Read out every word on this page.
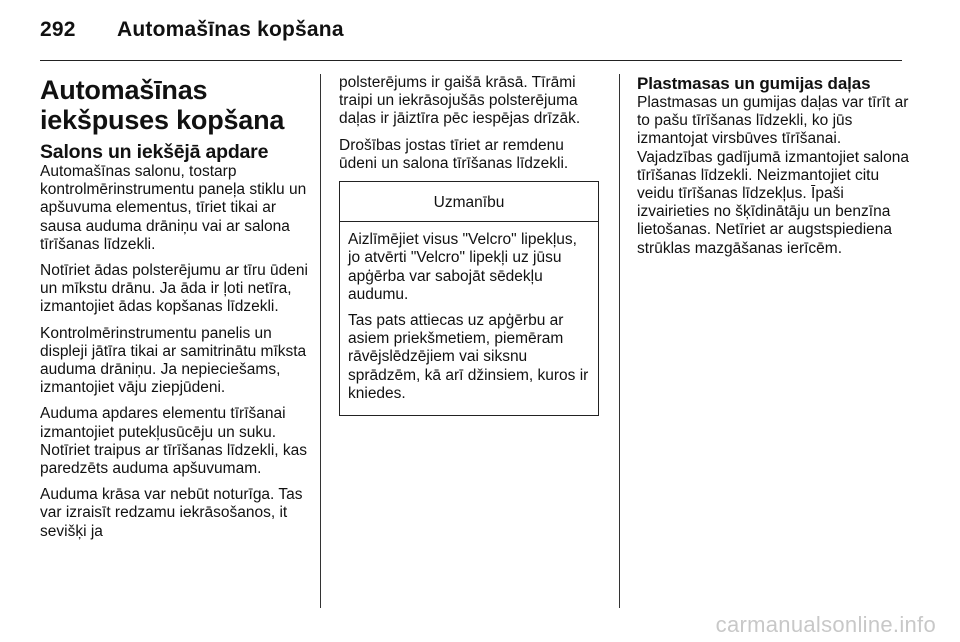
292 Automašīnas kopšana
Automašīnas iekšpuses kopšana
Salons un iekšējā apdare

Automašīnas salonu, tostarp kontrolmērinstrumentu paneļa stiklu un apšuvuma elementus, tīriet tikai ar sausa auduma drāniņu vai ar salona tīrīšanas līdzekli.

Notīriet ādas polsterējumu ar tīru ūdeni un mīkstu drānu. Ja āda ir ļoti netīra, izmantojiet ādas kopšanas līdzekli.

Kontrolmērinstrumentu panelis un displeji jātīra tikai ar samitrinātu mīksta auduma drāniņu. Ja nepieciešams, izmantojiet vāju ziepjūdeni.

Auduma apdares elementu tīrīšanai izmantojiet putekļusūcēju un suku. Notīriet traipus ar tīrīšanas līdzekli, kas paredzēts auduma apšuvumam.

Auduma krāsa var nebūt noturīga. Tas var izraisīt redzamu iekrāsošanos, it sevišķi ja

polsterējums ir gaišā krāsā. Tīrāmi traipi un iekrāsojušās polsterējuma daļas ir jāiztīra pēc iespējas drīzāk.

Drošības jostas tīriet ar remdenu ūdeni un salona tīrīšanas līdzekli.

Uzmanību

Aizlīmējiet visus "Velcro" lipekļus, jo atvērti "Velcro" lipekļi uz jūsu apģērba var sabojāt sēdekļu audumu.

Tas pats attiecas uz apģērbu ar asiem priekšmetiem, piemēram rāvējslēdzējiem vai siksnu sprādzēm, kā arī džinsiem, kuros ir kniedes.

Plastmasas un gumijas daļas

Plastmasas un gumijas daļas var tīrīt ar to pašu tīrīšanas līdzekli, ko jūs izmantojat virsbūves tīrīšanai. Vajadzības gadījumā izmantojiet salona tīrīšanas līdzekli. Neizmantojiet citu veidu tīrīšanas līdzekļus. Īpaši izvairieties no šķīdinātāju un benzīna lietošanas. Netīriet ar augstspiediena strūklas mazgāšanas ierīcēm.

carmanualsonline.info
